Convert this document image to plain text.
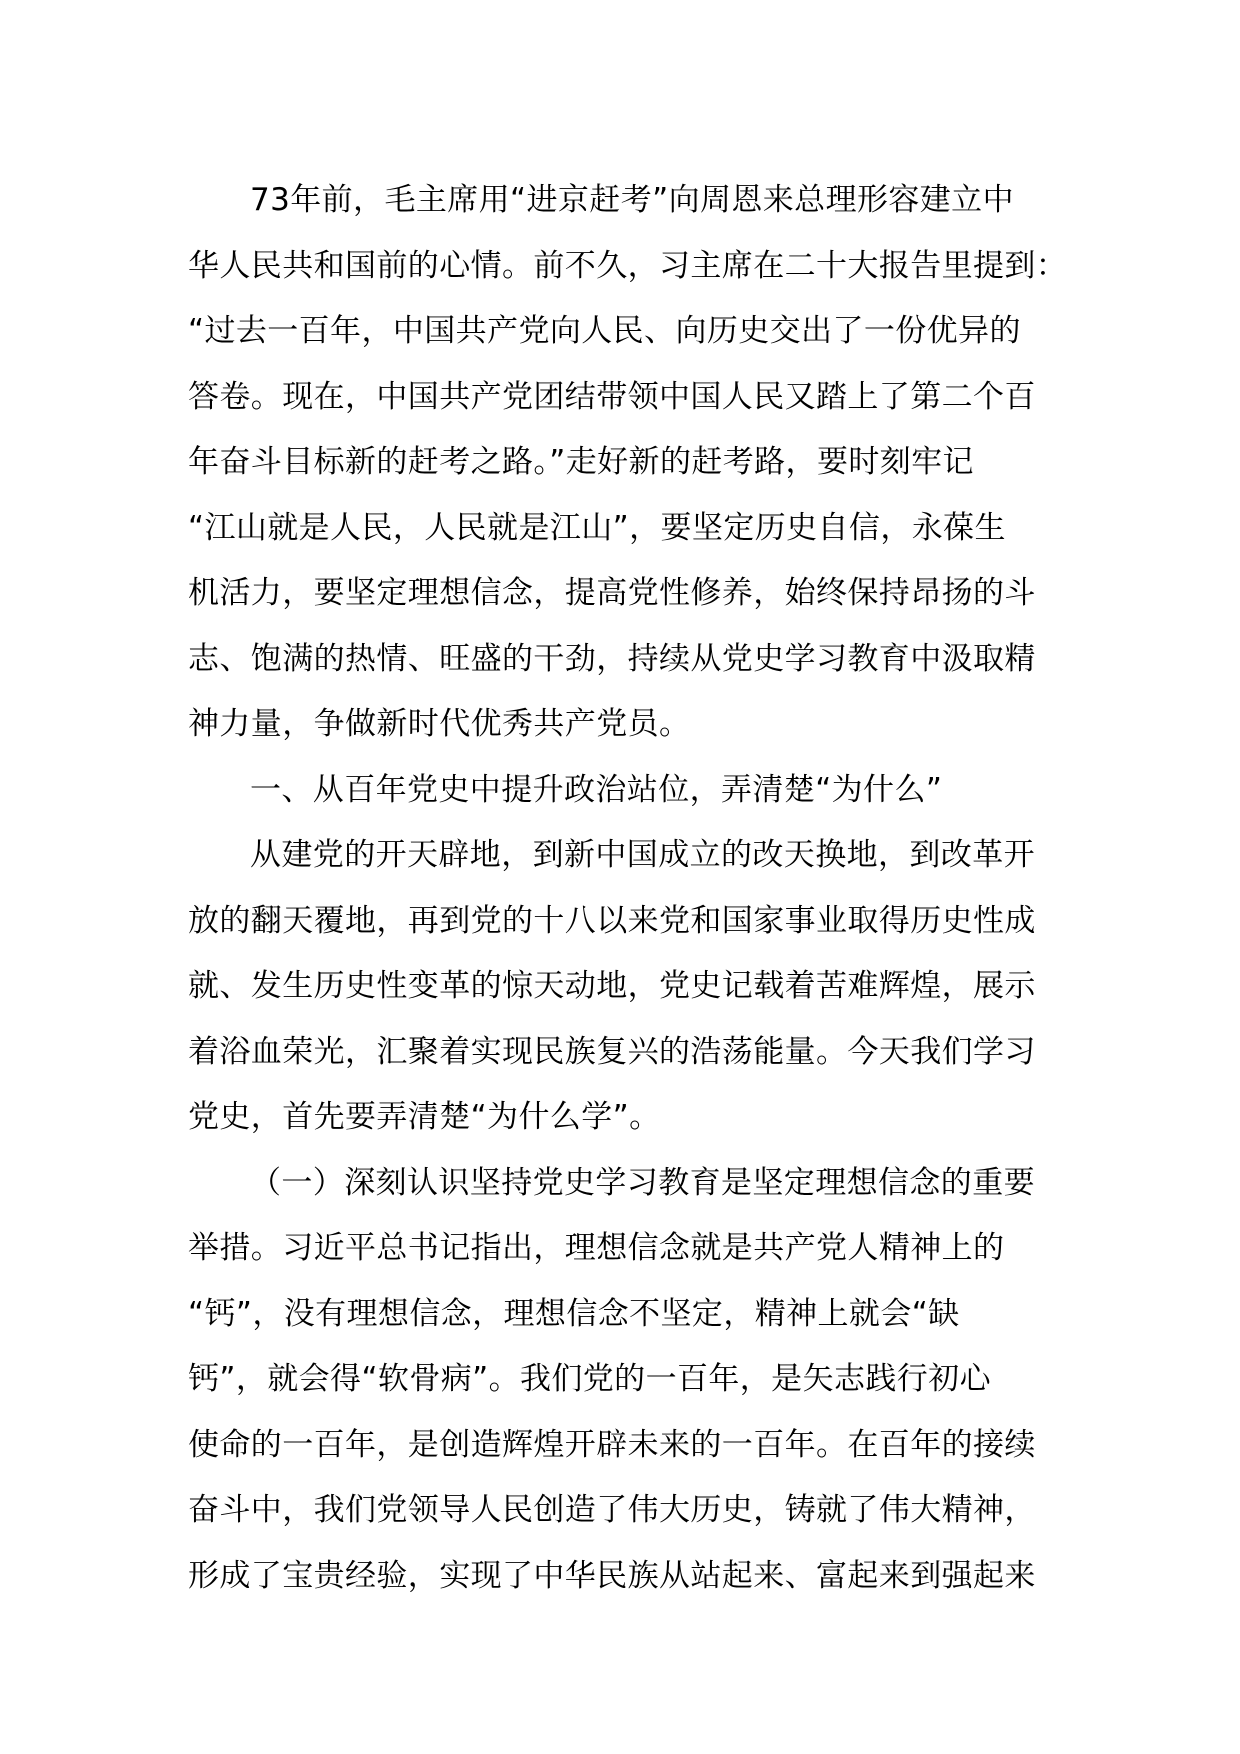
73年前，毛主席用“进京赶考”向周恩来总理形容建立中
华人民共和国前的心情。前不久，习主席在二十大报告里提到：
“过去一百年，中国共产党向人民、向历史交出了一份优异的
答卷。现在，中国共产党团结带领中国人民又踏上了第二个百
年奋斗目标新的赶考之路。”走好新的赶考路，要时刻牢记
“江山就是人民，人民就是江山”，要坚定历史自信，永葆生
机活力，要坚定理想信念，提高党性修养，始终保持昂扬的斗
志、饱满的热情、旺盛的干劲，持续从党史学习教育中汲取精
神力量，争做新时代优秀共产党员。
一、从百年党史中提升政治站位，弄清楚“为什么”
从建党的开天辟地，到新中国成立的改天换地，到改革开
放的翻天覆地，再到党的十八以来党和国家事业取得历史性成
就、发生历史性变革的惊天动地，党史记载着苦难辉煌，展示
着浴血荣光，汇聚着实现民族复兴的浩荡能量。今天我们学习
党史，首先要弄清楚“为什么学”。
（一）深刻认识坚持党史学习教育是坚定理想信念的重要
举措。习近平总书记指出，理想信念就是共产党人精神上的
“钙”，没有理想信念，理想信念不坚定，精神上就会“缺
钙”，就会得“软骨病”。我们党的一百年，是矢志践行初心
使命的一百年，是创造辉煌开辟未来的一百年。在百年的接续
奋斗中，我们党领导人民创造了伟大历史，铸就了伟大精神，
形成了宝贵经验，实现了中华民族从站起来、富起来到强起来
